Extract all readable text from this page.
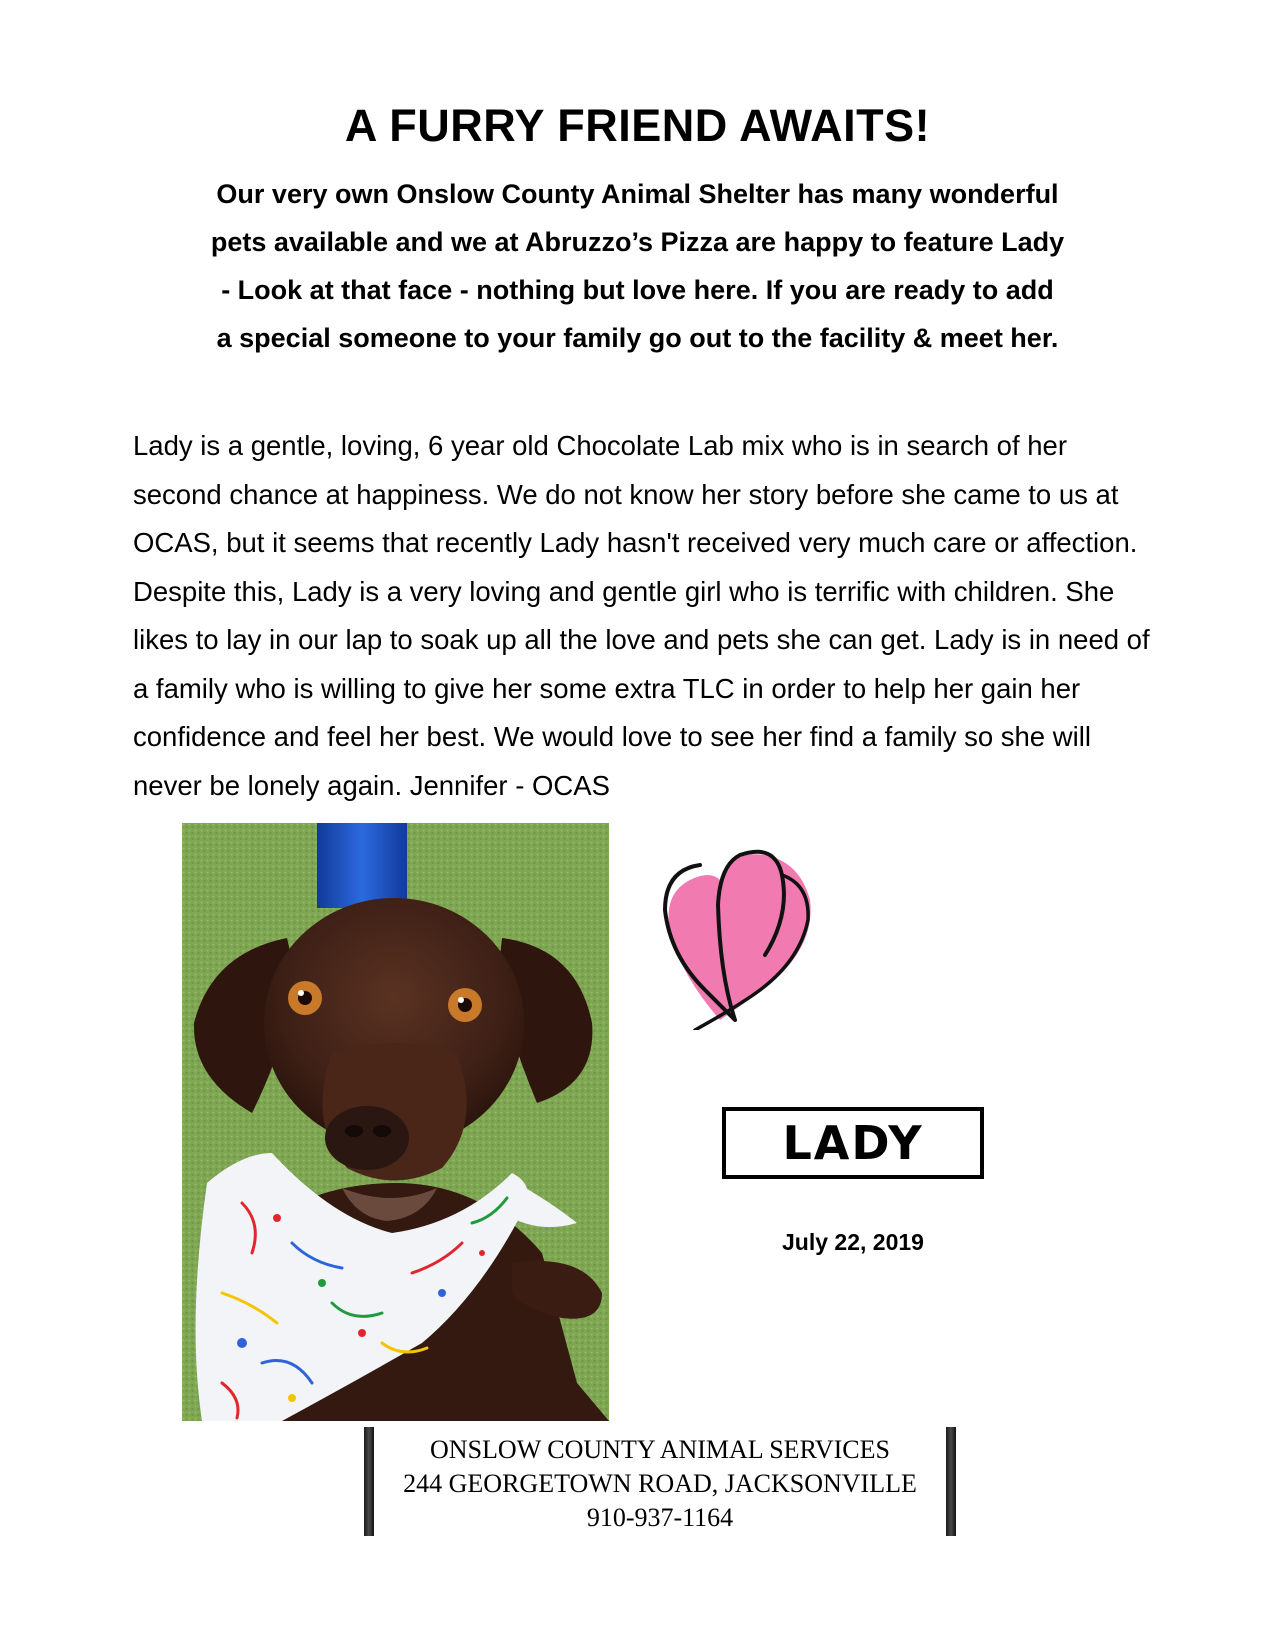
A FURRY FRIEND AWAITS!

Our very own Onslow County Animal Shelter has many wonderful pets available and we at Abruzzo’s Pizza are happy to feature Lady - Look at that face - nothing but love here. If you are ready to add a special someone to your family go out to the facility & meet her.

Lady is a gentle, loving, 6 year old Chocolate Lab mix who is in search of her second chance at happiness. We do not know her story before she came to us at OCAS, but it seems that recently Lady hasn't received very much care or affection. Despite this, Lady is a very loving and gentle girl who is terrific with children. She likes to lay in our lap to soak up all the love and pets she can get. Lady is in need of a family who is willing to give her some extra TLC in order to help her gain her confidence and feel her best. We would love to see her find a family so she will never be lonely again. Jennifer - OCAS

LADY
July 22, 2019
ONSLOW COUNTY ANIMAL SERVICES
244 GEORGETOWN ROAD, JACKSONVILLE
910-937-1164
